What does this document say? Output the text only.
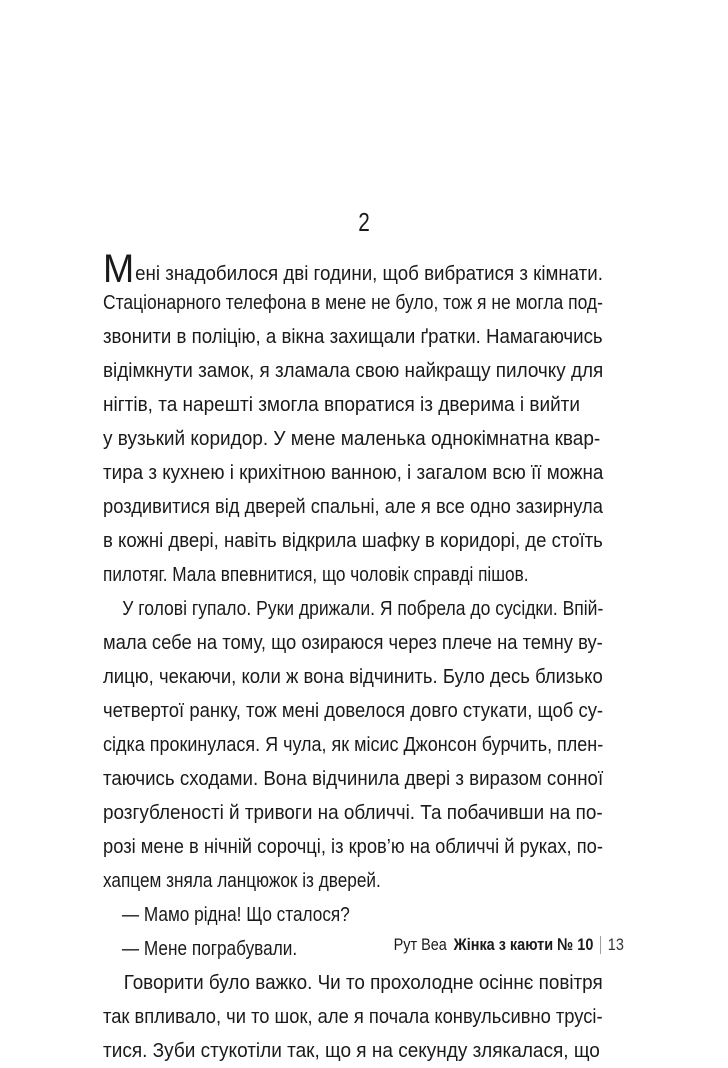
2
Мені знадобилося дві години, щоб вибратися з кімнати.
Стаціонарного телефона в мене не було, тож я не могла под-
звонити в поліцію, а вікна захищали ґратки. Намагаючись
відімкнути замок, я зламала свою найкращу пилочку для
нігтів, та нарешті змогла впоратися із дверима і вийти
у вузький коридор. У мене маленька однокімнатна квар-
тира з кухнею і крихітною ванною, і загалом всю її можна
роздивитися від дверей спальні, але я все одно зазирнула
в кожні двері, навіть відкрила шафку в коридорі, де стоїть
пилотяг. Мала впевнитися, що чоловік справді пішов.
У голові гупало. Руки дрижали. Я побрела до сусідки. Впій-
мала себе на тому, що озираюся через плече на темну ву-
лицю, чекаючи, коли ж вона відчинить. Було десь близько
четвертої ранку, тож мені довелося довго стукати, щоб су-
сідка прокинулася. Я чула, як місис Джонсон бурчить, плен-
таючись сходами. Вона відчинила двері з виразом сонної
розгубленості й тривоги на обличчі. Та побачивши на по-
розі мене в нічній сорочці, із кров’ю на обличчі й руках, по-
хапцем зняла ланцюжок із дверей.
— Мамо рідна! Що сталося?
— Мене пограбували.
Говорити було важко. Чи то прохолодне осіннє повітря
так впливало, чи то шок, але я почала конвульсивно трусі-
тися. Зуби стукотіли так, що я на секунду злякалася, що
Рут Веа Жінка з каюти № 10 13
